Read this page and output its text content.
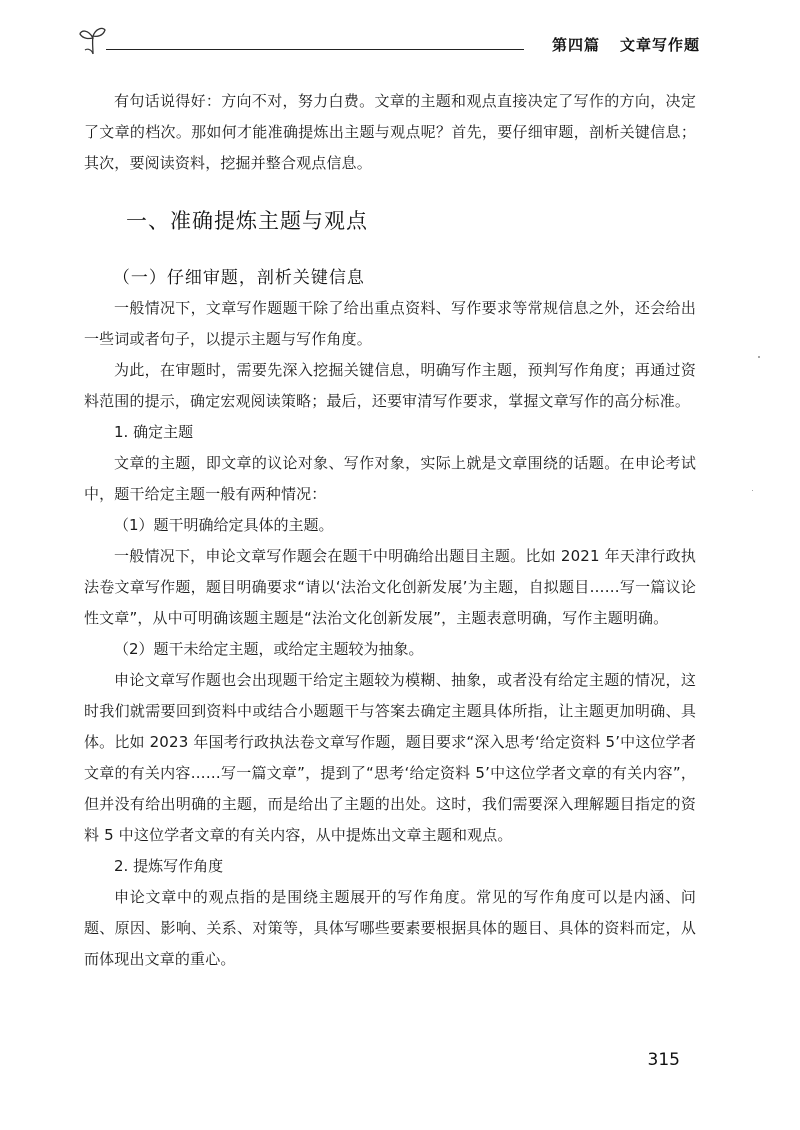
第四篇 文章写作题

有句话说得好：方向不对，努力白费。文章的主题和观点直接决定了写作的方向，决定了文章的档次。那如何才能准确提炼出主题与观点呢？首先，要仔细审题，剖析关键信息；其次，要阅读资料，挖掘并整合观点信息。

一、准确提炼主题与观点
（一）仔细审题，剖析关键信息

一般情况下，文章写作题题干除了给出重点资料、写作要求等常规信息之外，还会给出一些词或者句子，以提示主题与写作角度。

为此，在审题时，需要先深入挖掘关键信息，明确写作主题，预判写作角度；再通过资料范围的提示，确定宏观阅读策略；最后，还要审清写作要求，掌握文章写作的高分标准。

1. 确定主题

文章的主题，即文章的议论对象、写作对象，实际上就是文章围绕的话题。在申论考试中，题干给定主题一般有两种情况：

（1）题干明确给定具体的主题。

一般情况下，申论文章写作题会在题干中明确给出题目主题。比如 2021 年天津行政执法卷文章写作题，题目明确要求“请以‘法治文化创新发展’为主题，自拟题目……写一篇议论性文章”，从中可明确该题主题是“法治文化创新发展”，主题表意明确，写作主题明确。

（2）题干未给定主题，或给定主题较为抽象。

申论文章写作题也会出现题干给定主题较为模糊、抽象，或者没有给定主题的情况，这时我们就需要回到资料中或结合小题题干与答案去确定主题具体所指，让主题更加明确、具体。比如 2023 年国考行政执法卷文章写作题，题目要求“深入思考‘给定资料 5’中这位学者文章的有关内容……写一篇文章”，提到了“思考‘给定资料 5’中这位学者文章的有关内容”，但并没有给出明确的主题，而是给出了主题的出处。这时，我们需要深入理解题目指定的资料 5 中这位学者文章的有关内容，从中提炼出文章主题和观点。

2. 提炼写作角度

申论文章中的观点指的是围绕主题展开的写作角度。常见的写作角度可以是内涵、问题、原因、影响、关系、对策等，具体写哪些要素要根据具体的题目、具体的资料而定，从而体现出文章的重心。

315
